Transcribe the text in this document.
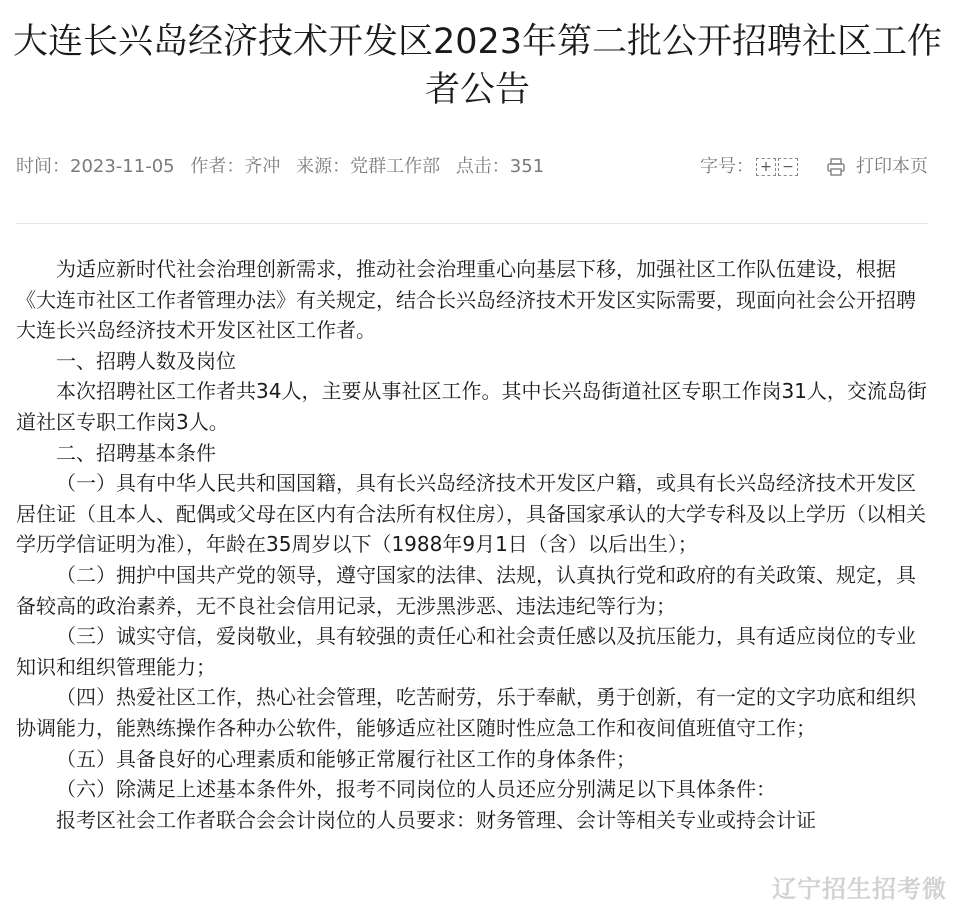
大连长兴岛经济技术开发区2023年第二批公开招聘社区工作者公告
时间：2023-11-05 作者：齐冲 来源：党群工作部 点击：351	字号： + −	打印本页

为适应新时代社会治理创新需求，推动社会治理重心向基层下移，加强社区工作队伍建设，根据《大连市社区工作者管理办法》有关规定，结合长兴岛经济技术开发区实际需要，现面向社会公开招聘大连长兴岛经济技术开发区社区工作者。

一、招聘人数及岗位

本次招聘社区工作者共34人，主要从事社区工作。其中长兴岛街道社区专职工作岗31人，交流岛街道社区专职工作岗3人。

二、招聘基本条件

（一）具有中华人民共和国国籍，具有长兴岛经济技术开发区户籍，或具有长兴岛经济技术开发区居住证（且本人、配偶或父母在区内有合法所有权住房），具备国家承认的大学专科及以上学历（以相关学历学信证明为准），年龄在35周岁以下（1988年9月1日（含）以后出生）；

（二）拥护中国共产党的领导，遵守国家的法律、法规，认真执行党和政府的有关政策、规定，具备较高的政治素养，无不良社会信用记录，无涉黑涉恶、违法违纪等行为；

（三）诚实守信，爱岗敬业，具有较强的责任心和社会责任感以及抗压能力，具有适应岗位的专业知识和组织管理能力；

（四）热爱社区工作，热心社会管理，吃苦耐劳，乐于奉献，勇于创新，有一定的文字功底和组织协调能力，能熟练操作各种办公软件，能够适应社区随时性应急工作和夜间值班值守工作；

（五）具备良好的心理素质和能够正常履行社区工作的身体条件；

（六）除满足上述基本条件外，报考不同岗位的人员还应分别满足以下具体条件：

报考区社会工作者联合会会计岗位的人员要求：财务管理、会计等相关专业或持会计证

辽宁招生招考微
